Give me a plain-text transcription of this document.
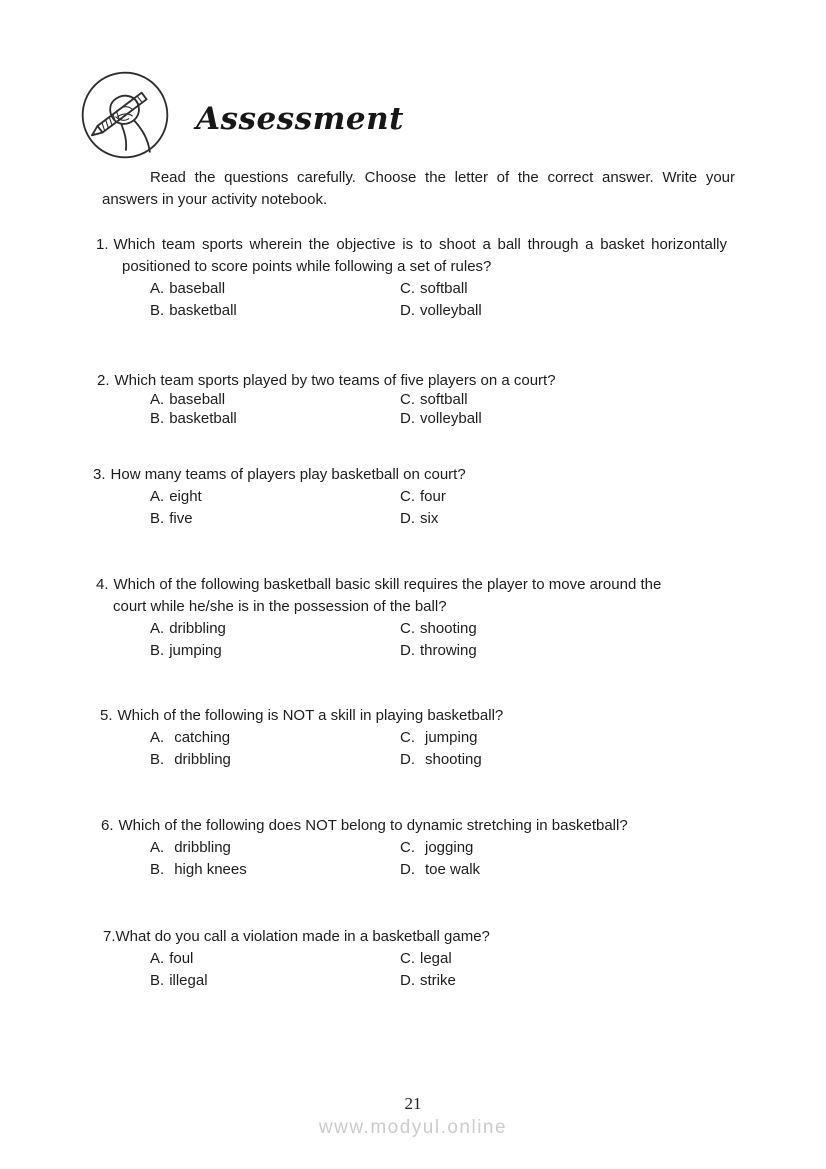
Assessment
Read the questions carefully. Choose the letter of the correct answer. Write your answers in your activity notebook.
1. Which team sports wherein the objective is to shoot a ball through a basket horizontally positioned to score points while following a set of rules?
A. baseball	C. softball
B. basketball	D. volleyball
2. Which team sports played by two teams of five players on a court?
A. baseball	C. softball
B. basketball	D. volleyball
3. How many teams of players play basketball on court?
A. eight	C. four
B. five	D. six
4. Which of the following basketball basic skill requires the player to move around the court while he/she is in the possession of the ball?
A. dribbling	C. shooting
B. jumping	D. throwing
5. Which of the following is NOT a skill in playing basketball?
A. catching	C. jumping
B. dribbling	D. shooting
6. Which of the following does NOT belong to dynamic stretching in basketball?
A. dribbling	C. jogging
B. high knees	D. toe walk
7.What do you call a violation made in a basketball game?
A. foul	C. legal
B. illegal	D. strike
21
www.modyul.online
